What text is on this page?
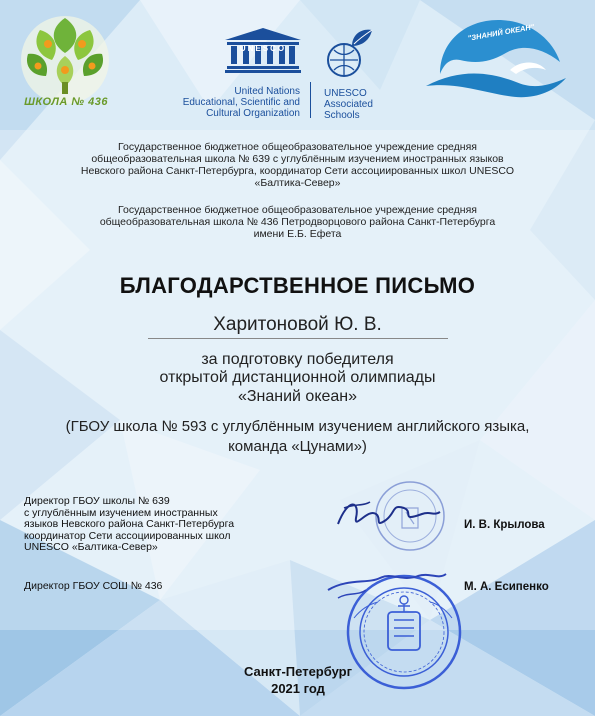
ШКОЛА № 436
UNESCO
United Nations
Educational, Scientific and
Cultural Organization
UNESCO
Associated
Schools
"ЗНАНИЙ ОКЕАН"
Государственное бюджетное общеобразовательное учреждение средняя
общеобразовательная школа № 639 с углублённым изучением иностранных языков
Невского района Санкт-Петербурга, координатор Сети ассоциированных школ UNESCO
«Балтика-Север»
Государственное бюджетное общеобразовательное учреждение средняя
общеобразовательная школа № 436 Петродворцового района Санкт-Петербурга
имени Е.Б. Ефета
БЛАГОДАРСТВЕННОЕ ПИСЬМО
Харитоновой Ю. В.
за подготовку победителя
открытой дистанционной олимпиады
«Знаний океан»
(ГБОУ школа № 593 с углублённым изучением английского языка,
команда «Цунами»)
Директор ГБОУ школы № 639
с углублённым изучением иностранных
языков Невского района Санкт-Петербурга
координатор Сети ассоциированных школ
UNESCO «Балтика-Север»
И. В. Крылова
Директор ГБОУ СОШ № 436	М. А. Есипенко
Санкт-Петербург
2021 год
